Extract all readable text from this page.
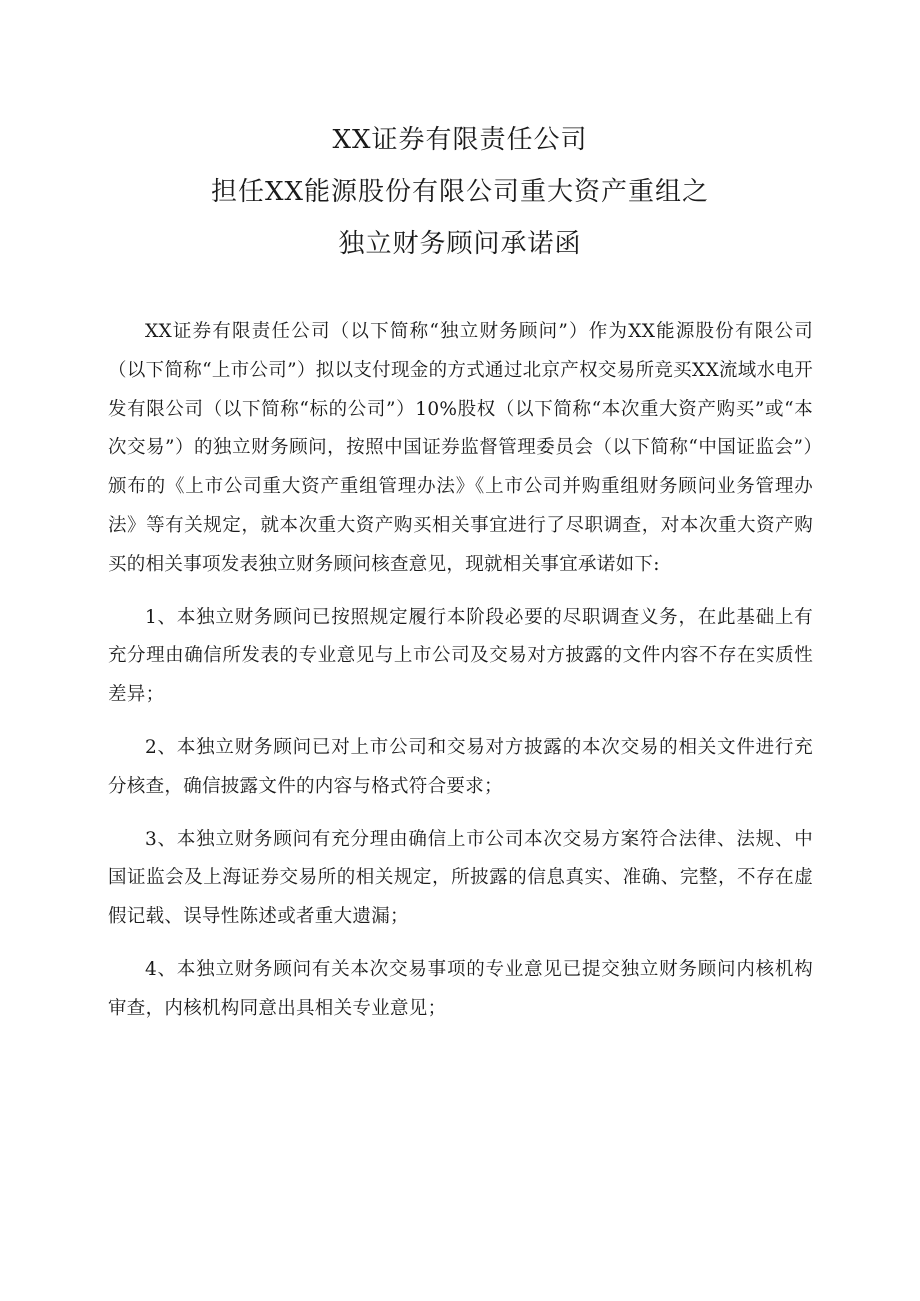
XX证券有限责任公司
担任XX能源股份有限公司重大资产重组之
独立财务顾问承诺函

XX证券有限责任公司（以下简称“独立财务顾问”）作为XX能源股份有限公司（以下简称“上市公司”）拟以支付现金的方式通过北京产权交易所竞买XX流域水电开发有限公司（以下简称“标的公司”）10%股权（以下简称“本次重大资产购买”或“本次交易”）的独立财务顾问，按照中国证券监督管理委员会（以下简称“中国证监会”）颁布的《上市公司重大资产重组管理办法》《上市公司并购重组财务顾问业务管理办法》等有关规定，就本次重大资产购买相关事宜进行了尽职调查，对本次重大资产购买的相关事项发表独立财务顾问核查意见，现就相关事宜承诺如下:

1、本独立财务顾问已按照规定履行本阶段必要的尽职调查义务，在此基础上有充分理由确信所发表的专业意见与上市公司及交易对方披露的文件内容不存在实质性差异；

2、本独立财务顾问已对上市公司和交易对方披露的本次交易的相关文件进行充分核查，确信披露文件的内容与格式符合要求；

3、本独立财务顾问有充分理由确信上市公司本次交易方案符合法律、法规、中国证监会及上海证券交易所的相关规定，所披露的信息真实、准确、完整，不存在虚假记载、误导性陈述或者重大遗漏；

4、本独立财务顾问有关本次交易事项的专业意见已提交独立财务顾问内核机构审查，内核机构同意出具相关专业意见；
